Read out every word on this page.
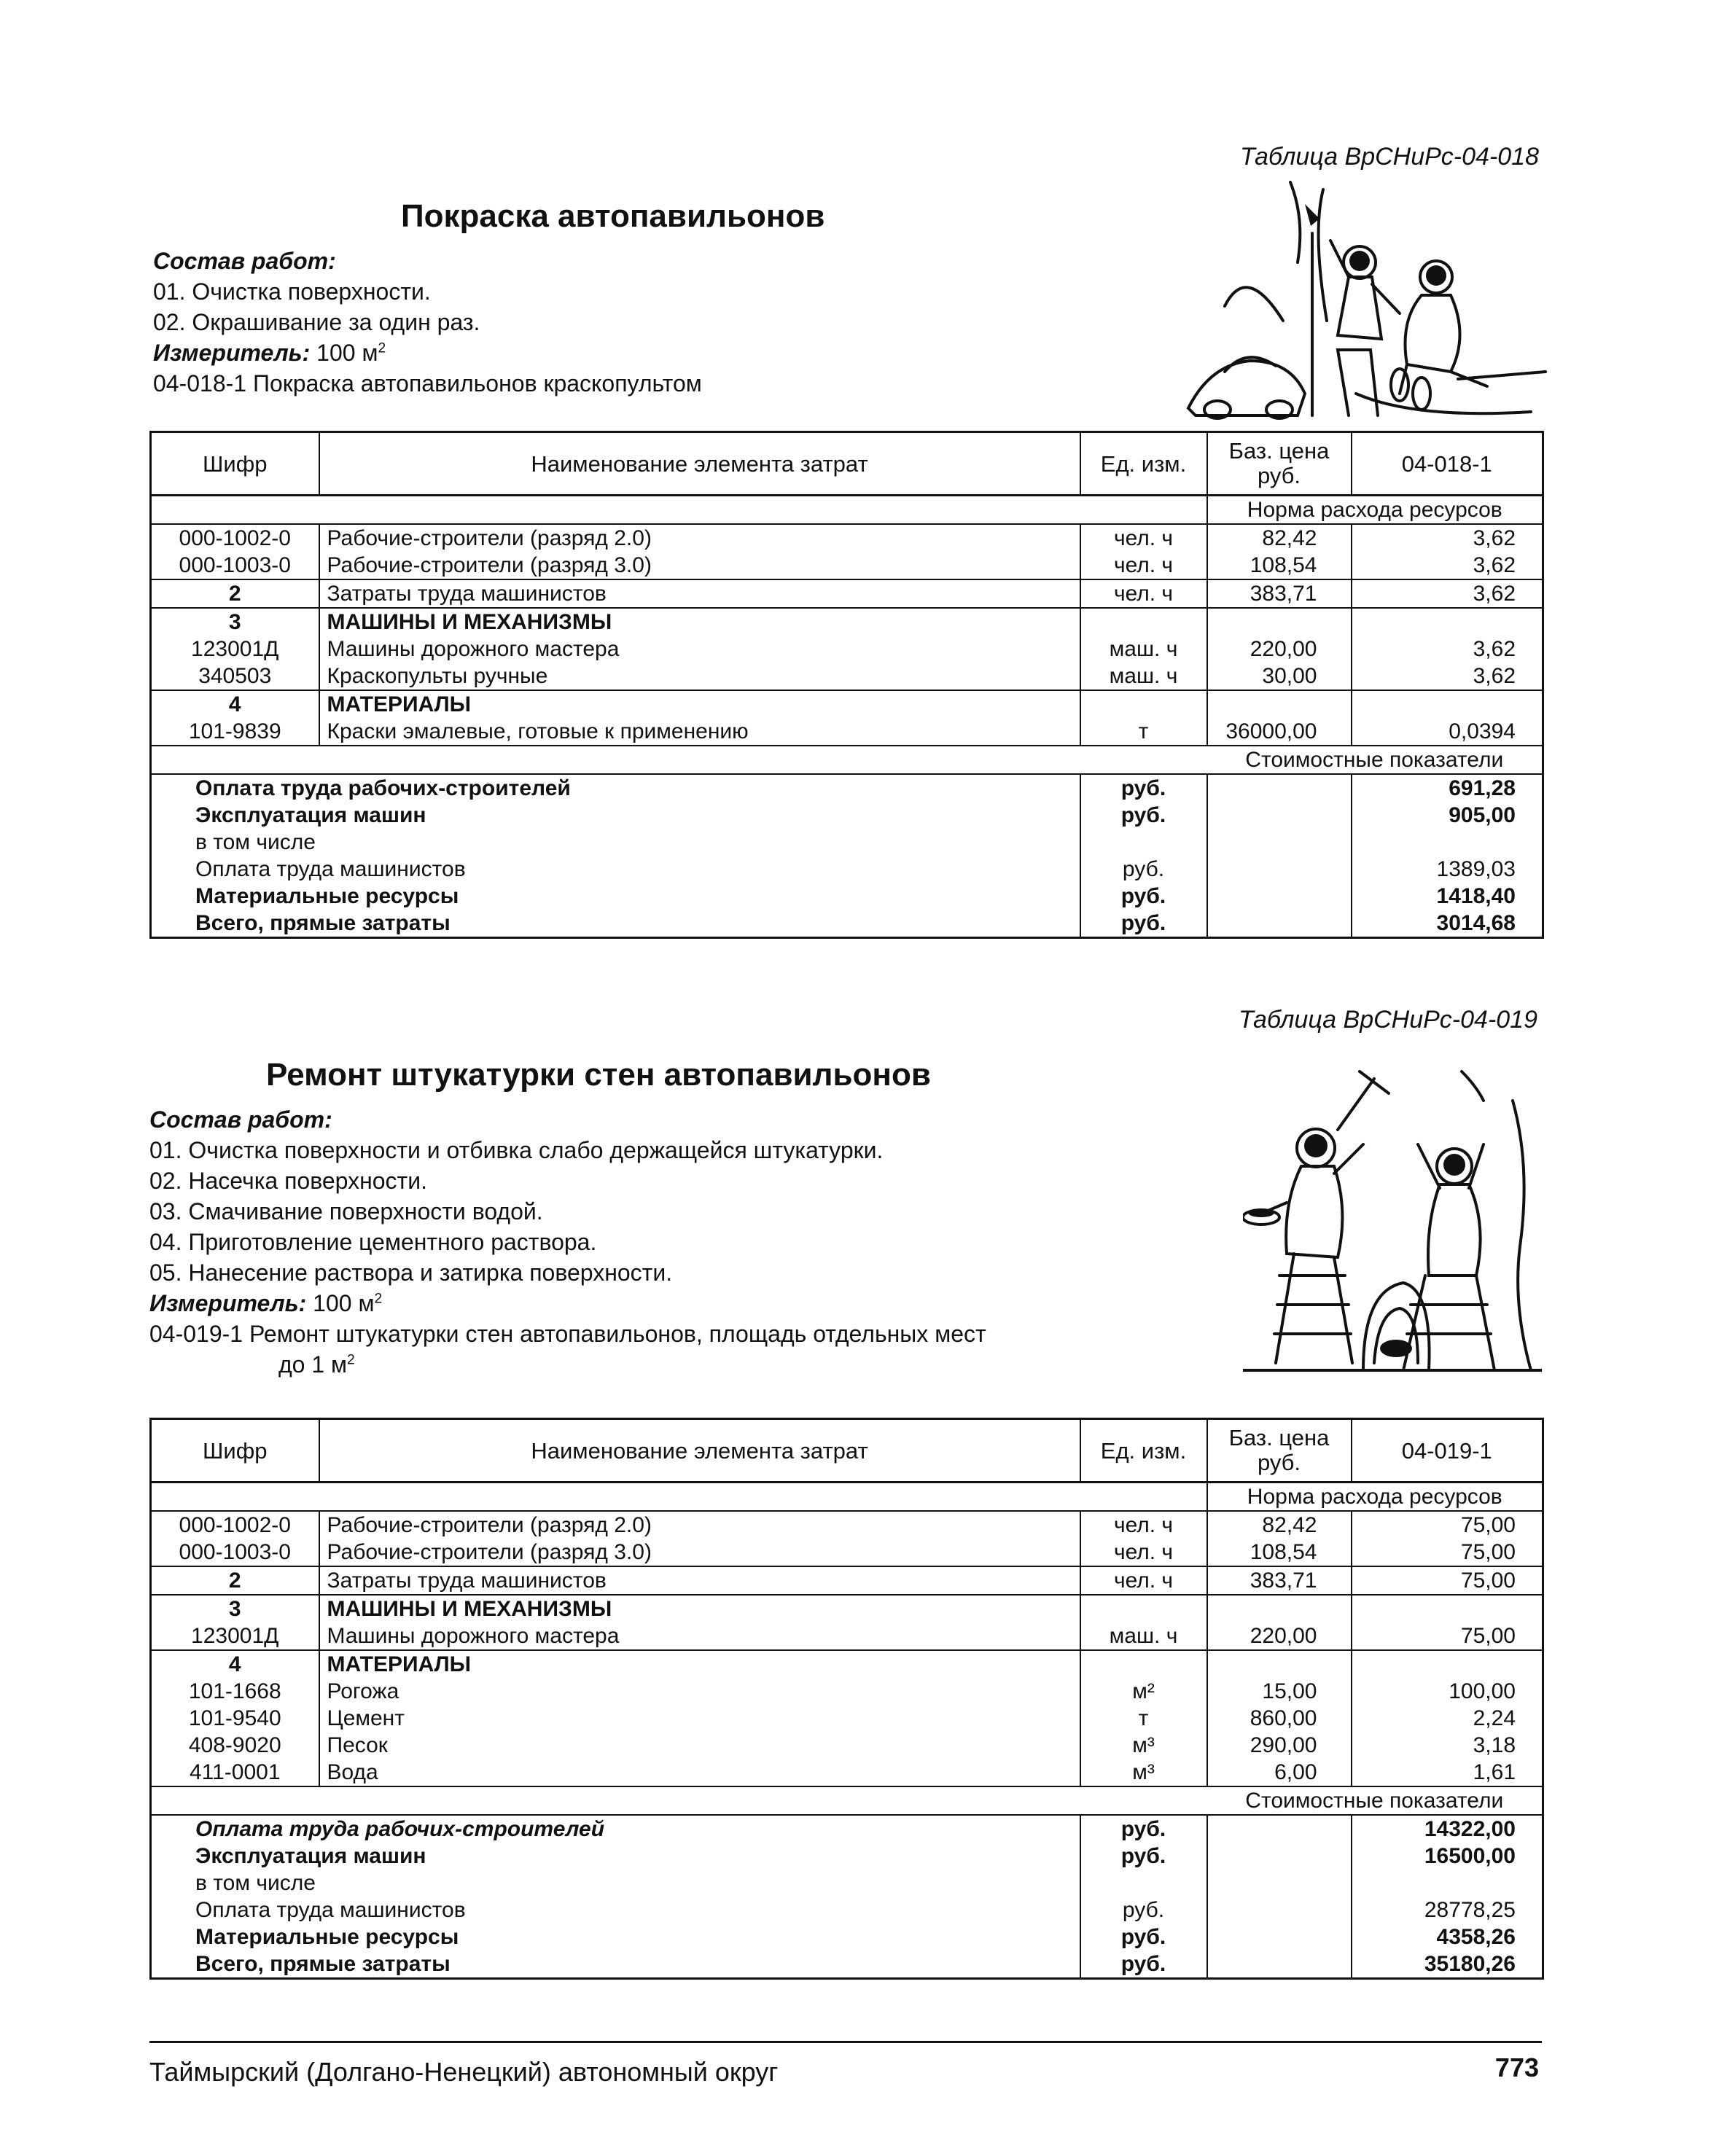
Таблица ВрСНиРс-04-018
Покраска автопавильонов
Состав работ:
01. Очистка поверхности.
02. Окрашивание за один раз.
Измеритель: 100 $м^2$
04-018-1 Покраска автопавильонов краскопультом
Шифр	Наименование элемента затрат	Ед. изм.	Баз. цена руб.	04-018-1
			Норма расхода ресурсов	
000-1002-0	Рабочие-строители (разряд 2.0)	чел. ч	82,42	3,62
000-1003-0	Рабочие-строители (разряд 3.0)	чел. ч	108,54	3,62
2	Затраты труда машинистов	чел. ч	383,71	3,62
3	МАШИНЫ И МЕХАНИЗМЫ			
123001Д	Машины дорожного мастера	маш. ч	220,00	3,62
340503	Краскопульты ручные	маш. ч	30,00	3,62
4	МАТЕРИАЛЫ			
101-9839	Краски эмалевые, готовые к применению	т	36000,00	0,0394
			Стоимостные показатели	
Оплата труда рабочих-строителей		руб.		691,28
Эксплуатация машин		руб.		905,00
в том числе				
Оплата труда машинистов		руб.		1389,03
Материальные ресурсы		руб.		1418,40
Всего, прямые затраты		руб.		3014,68
Таблица ВрСНиРс-04-019
Ремонт штукатурки стен автопавильонов
Состав работ:
01. Очистка поверхности и отбивка слабо держащейся штукатурки.
02. Насечка поверхности.
03. Смачивание поверхности водой.
04. Приготовление цементного раствора.
05. Нанесение раствора и затирка поверхности.
Измеритель: 100 $м^2$
04-019-1 Ремонт штукатурки стен автопавильонов, площадь отдельных мест
до 1 $м^2$
Шифр	Наименование элемента затрат	Ед. изм.	Баз. цена руб.	04-019-1
			Норма расхода ресурсов	
000-1002-0	Рабочие-строители (разряд 2.0)	чел. ч	82,42	75,00
000-1003-0	Рабочие-строители (разряд 3.0)	чел. ч	108,54	75,00
2	Затраты труда машинистов	чел. ч	383,71	75,00
3	МАШИНЫ И МЕХАНИЗМЫ			
123001Д	Машины дорожного мастера	маш. ч	220,00	75,00
4	МАТЕРИАЛЫ			
101-1668	Рогожа	м²	15,00	100,00
101-9540	Цемент	т	860,00	2,24
408-9020	Песок	м³	290,00	3,18
411-0001	Вода	м³	6,00	1,61
			Стоимостные показатели	
Оплата труда рабочих-строителей		руб.		14322,00
Эксплуатация машин		руб.		16500,00
в том числе				
Оплата труда машинистов		руб.		28778,25
Материальные ресурсы		руб.		4358,26
Всего, прямые затраты		руб.		35180,26
Таймырский (Долгано-Ненецкий) автономный округ	773
